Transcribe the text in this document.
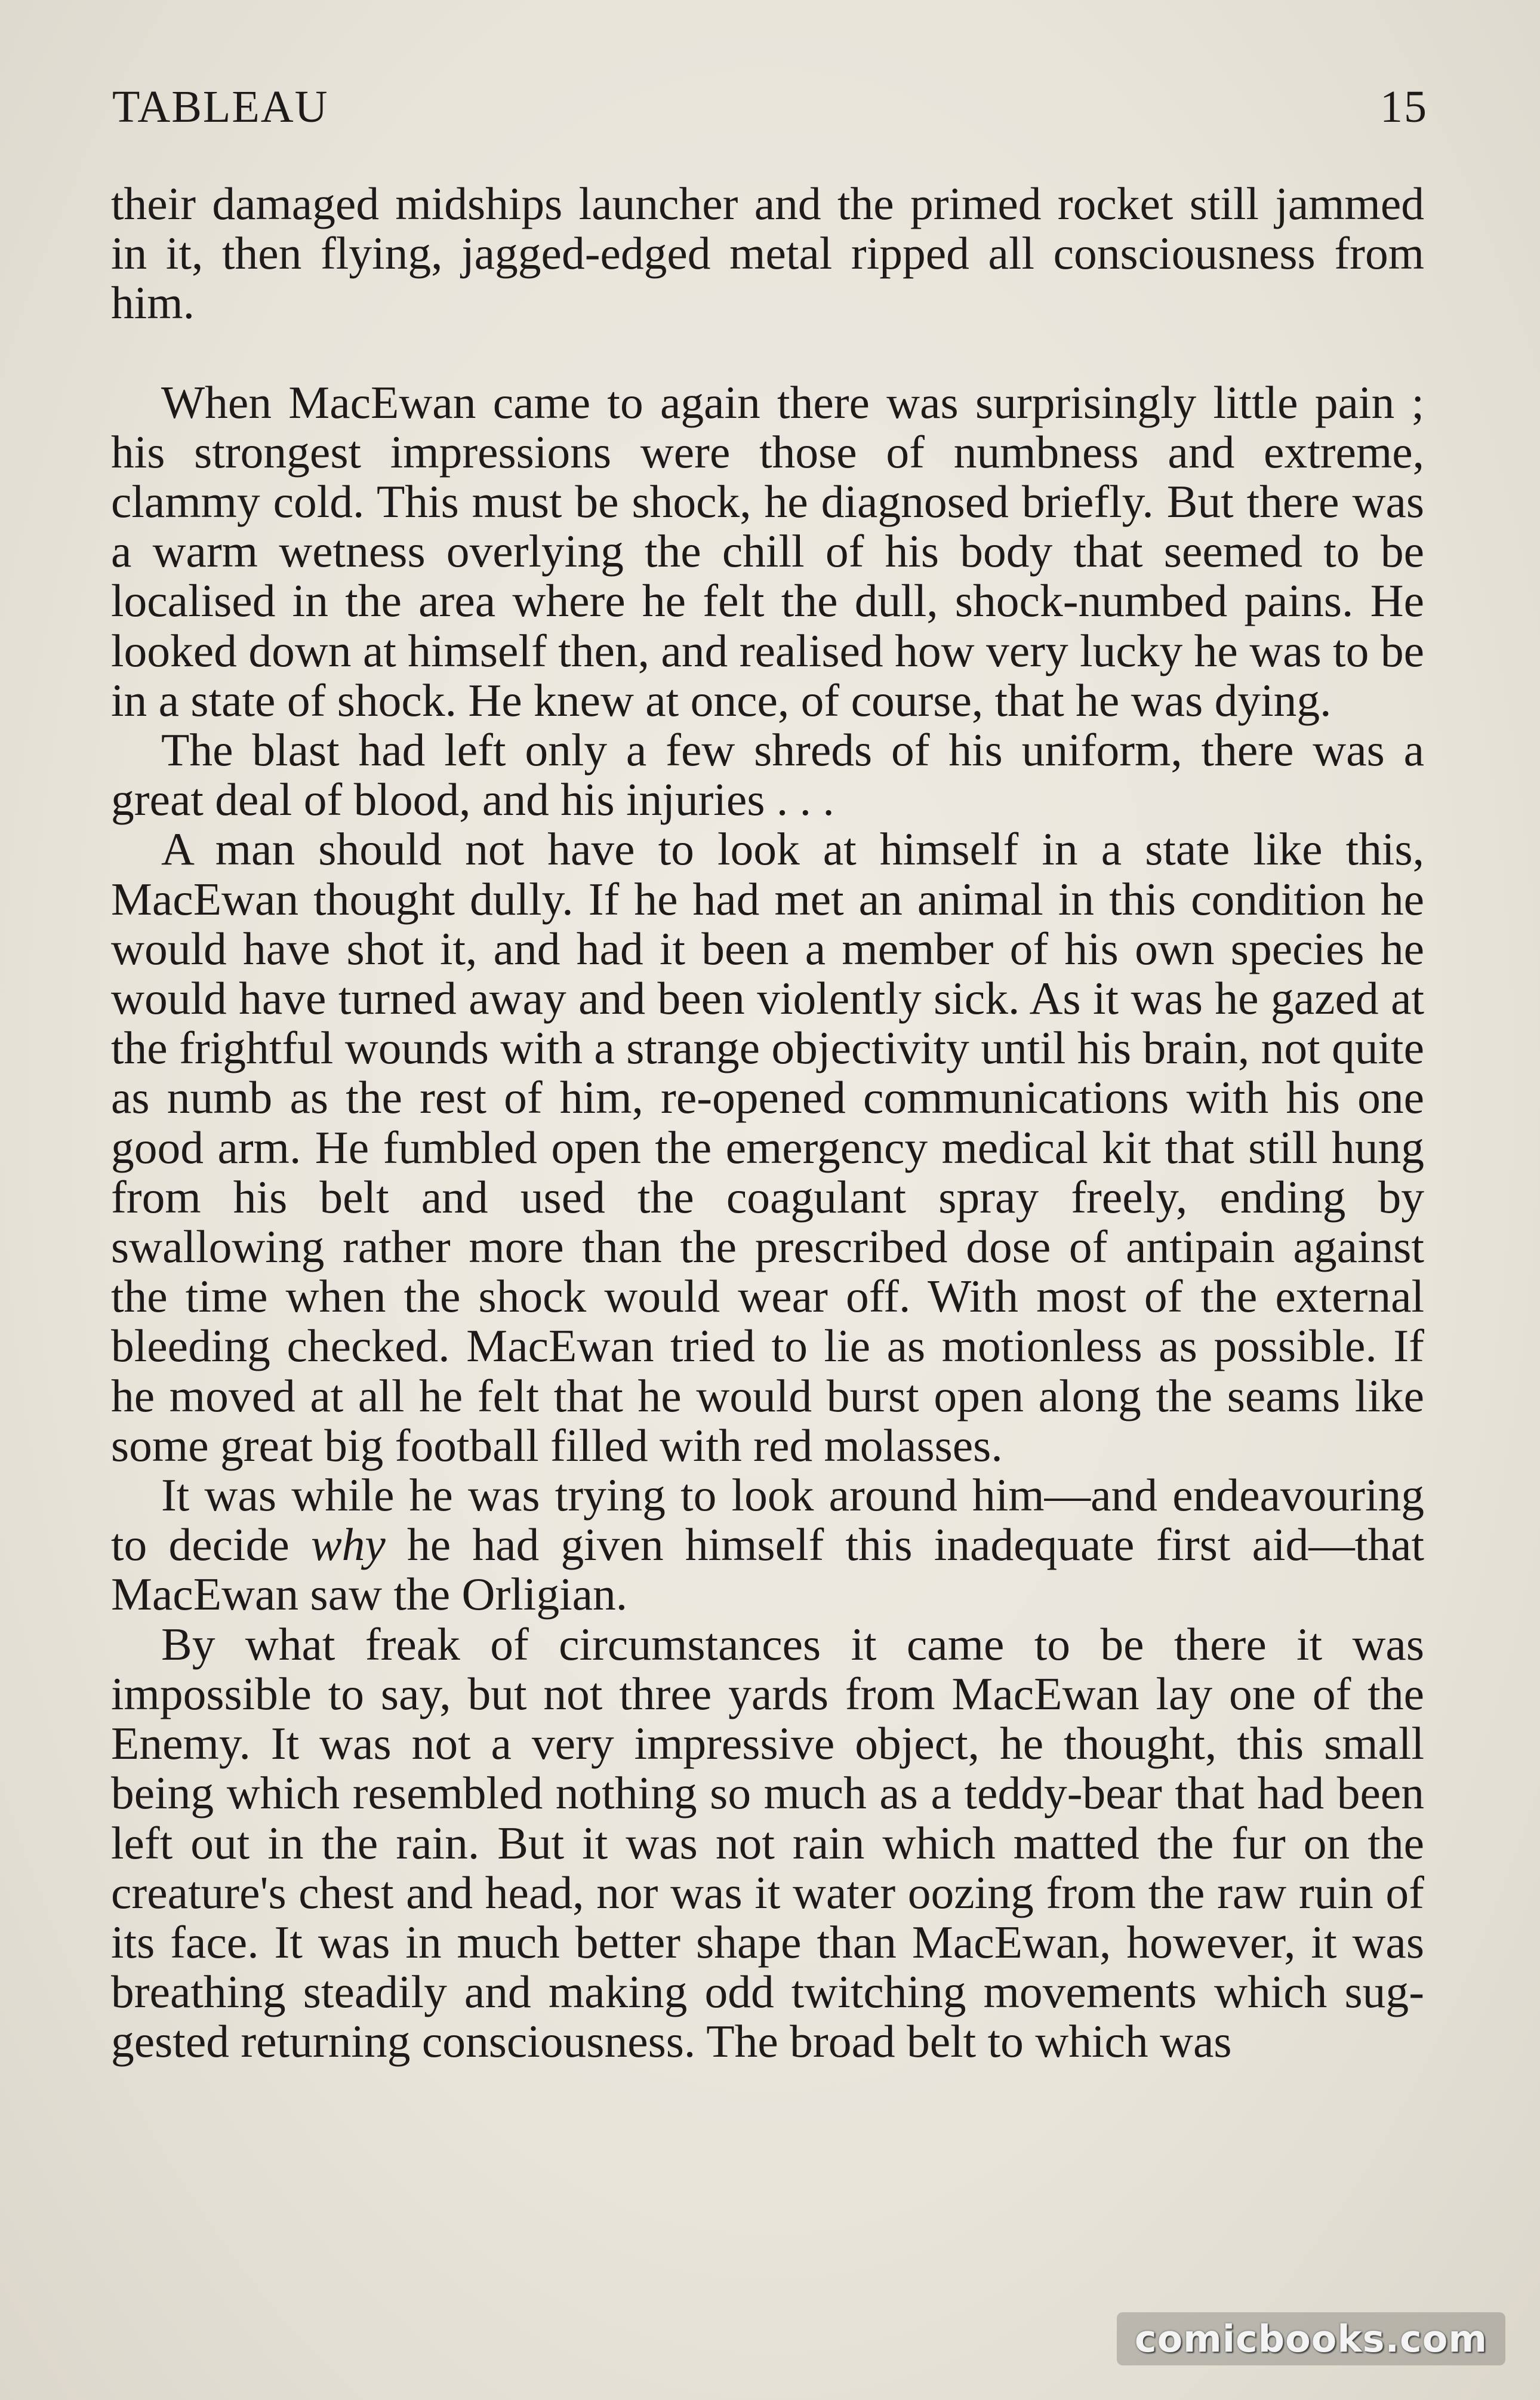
TABLEAU	15

their damaged midships launcher and the primed rocket still jammed in it, then flying, jagged-edged metal ripped all consciousness from him.

When MacEwan came to again there was surprisingly little pain ; his strongest impressions were those of numbness and extreme, clammy cold. This must be shock, he diagnosed briefly. But there was a warm wetness overlying the chill of his body that seemed to be localised in the area where he felt the dull, shock-numbed pains. He looked down at himself then, and realised how very lucky he was to be in a state of shock. He knew at once, of course, that he was dying.

The blast had left only a few shreds of his uniform, there was a great deal of blood, and his injuries . . .

A man should not have to look at himself in a state like this, MacEwan thought dully. If he had met an animal in this condition he would have shot it, and had it been a member of his own species he would have turned away and been violently sick. As it was he gazed at the frightful wounds with a strange objectivity until his brain, not quite as numb as the rest of him, re-opened communications with his one good arm. He fumbled open the emergency medical kit that still hung from his belt and used the coagulant spray freely, ending by swallowing rather more than the prescribed dose of antipain against the time when the shock would wear off. With most of the external bleeding checked. MacEwan tried to lie as motionless as possible. If he moved at all he felt that he would burst open along the seams like some great big football filled with red molasses.

It was while he was trying to look around him—and endeavouring to decide why he had given himself this inadequate first aid—that MacEwan saw the Orligian.

By what freak of circumstances it came to be there it was impossible to say, but not three yards from MacEwan lay one of the Enemy. It was not a very impressive object, he thought, this small being which resembled nothing so much as a teddy-bear that had been left out in the rain. But it was not rain which matted the fur on the creature's chest and head, nor was it water oozing from the raw ruin of its face. It was in much better shape than MacEwan, however, it was breathing steadily and making odd twitching movements which suggested returning consciousness. The broad belt to which was

comicbooks.com
